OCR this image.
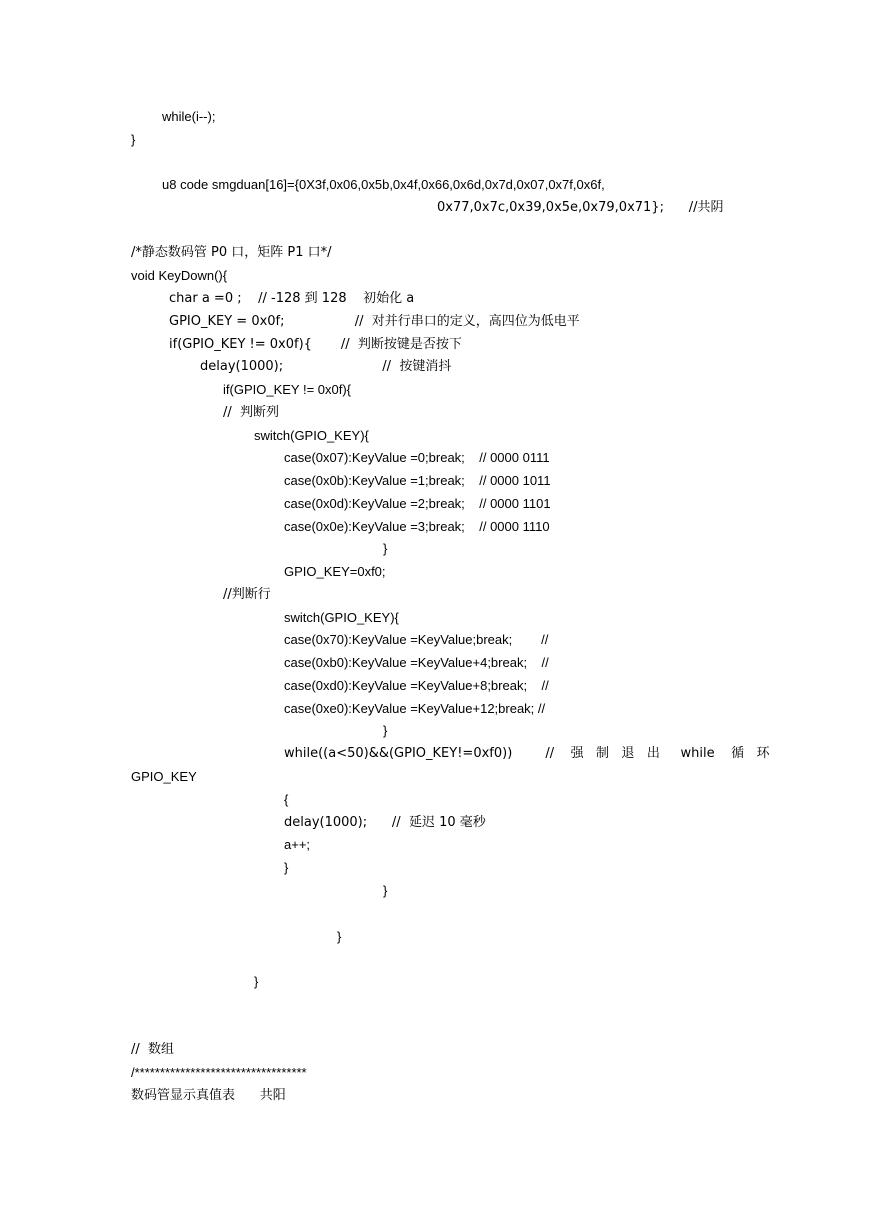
while(i--);
}
u8 code smgduan[16]={0X3f,0x06,0x5b,0x4f,0x66,0x6d,0x7d,0x07,0x7f,0x6f,
0x77,0x7c,0x39,0x5e,0x79,0x71};      //共阴
/*静态数码管 P0 口，矩阵 P1 口*/
void KeyDown(){
char a =0 ;    // -128 到 128    初始化 a
GPIO_KEY = 0x0f;                 //  对并行串口的定义，高四位为低电平
if(GPIO_KEY != 0x0f){       //  判断按键是否按下
delay(1000);                        //  按键消抖
if(GPIO_KEY != 0x0f){
//  判断列
switch(GPIO_KEY){
case(0x07):KeyValue =0;break;    // 0000 0111
case(0x0b):KeyValue =1;break;    // 0000 1011
case(0x0d):KeyValue =2;break;    // 0000 1101
case(0x0e):KeyValue =3;break;    // 0000 1110
}
GPIO_KEY=0xf0;
//判断行
switch(GPIO_KEY){
case(0x70):KeyValue =KeyValue;break;        //
case(0xb0):KeyValue =KeyValue+4;break;    //
case(0xd0):KeyValue =KeyValue+8;break;    //
case(0xe0):KeyValue =KeyValue+12;break; //
}
while((a<50)&&(GPIO_KEY!=0xf0))        //    强   制   退   出     while    循   环
GPIO_KEY
{
delay(1000);      //  延迟 10 毫秒
a++;
}
}
}
}
//  数组
/**********************************
数码管显示真值表      共阳
